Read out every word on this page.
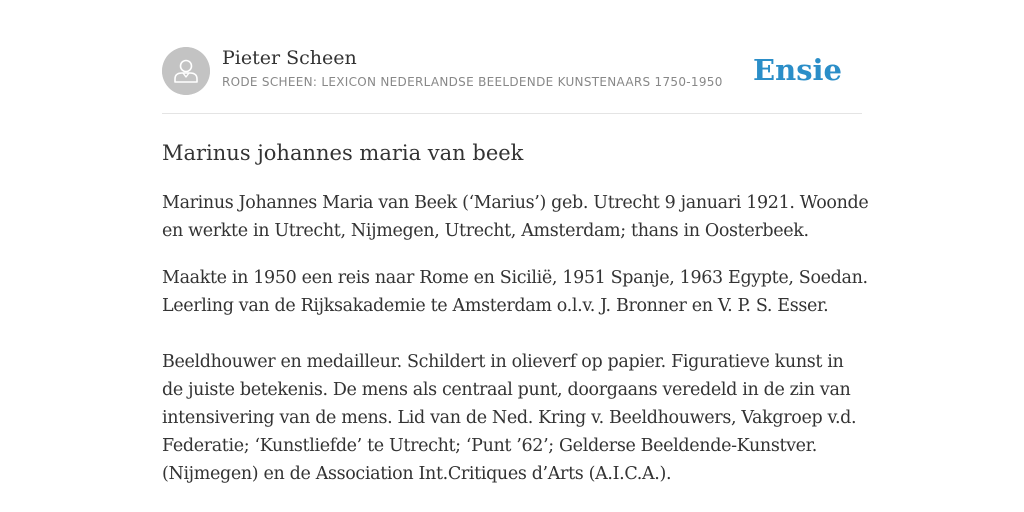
Pieter Scheen
RODE SCHEEN: LEXICON NEDERLANDSE BEELDENDE KUNSTENAARS 1750-1950 Ensie
Marinus johannes maria van beek

Marinus Johannes Maria van Beek (‘Marius’) geb. Utrecht 9 januari 1921. Woonde
en werkte in Utrecht, Nijmegen, Utrecht, Amsterdam; thans in Oosterbeek.

Maakte in 1950 een reis naar Rome en Sicilië, 1951 Spanje, 1963 Egypte, Soedan.
Leerling van de Rijksakademie te Amsterdam o.l.v. J. Bronner en V. P. S. Esser.

Beeldhouwer en medailleur. Schildert in olieverf op papier. Figuratieve kunst in
de juiste betekenis. De mens als centraal punt, doorgaans veredeld in de zin van
intensivering van de mens. Lid van de Ned. Kring v. Beeldhouwers, Vakgroep v.d.
Federatie; ‘Kunstliefde’ te Utrecht; ‘Punt ’62’; Gelderse Beeldende-Kunstver.
(Nijmegen) en de Association Int.Critiques d’Arts (A.I.C.A.).
